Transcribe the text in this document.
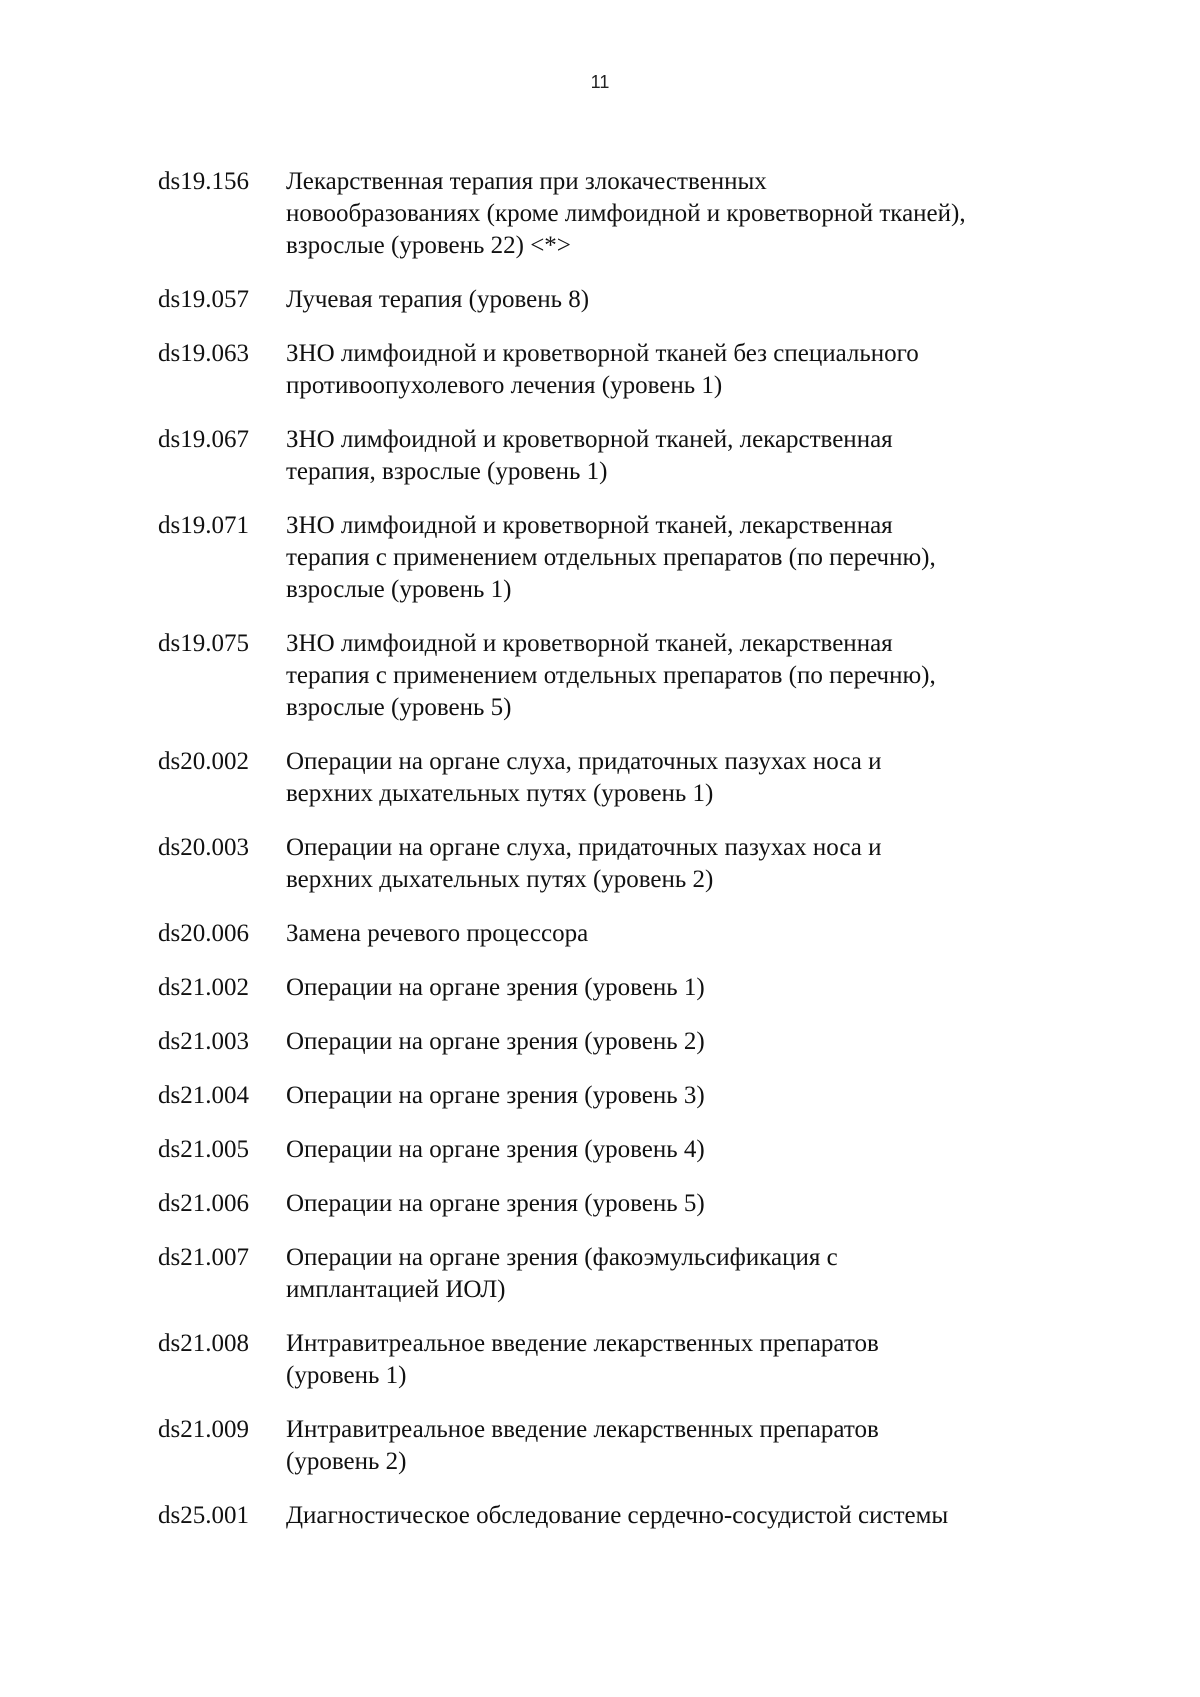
11
ds19.156	Лекарственная терапия при злокачественных
новообразованиях (кроме лимфоидной и кроветворной тканей),
взрослые (уровень 22) <*>
ds19.057	Лучевая терапия (уровень 8)
ds19.063	ЗНО лимфоидной и кроветворной тканей без специального
противоопухолевого лечения (уровень 1)
ds19.067	ЗНО лимфоидной и кроветворной тканей, лекарственная
терапия, взрослые (уровень 1)
ds19.071	ЗНО лимфоидной и кроветворной тканей, лекарственная
терапия с применением отдельных препаратов (по перечню),
взрослые (уровень 1)
ds19.075	ЗНО лимфоидной и кроветворной тканей, лекарственная
терапия с применением отдельных препаратов (по перечню),
взрослые (уровень 5)
ds20.002	Операции на органе слуха, придаточных пазухах носа и
верхних дыхательных путях (уровень 1)
ds20.003	Операции на органе слуха, придаточных пазухах носа и
верхних дыхательных путях (уровень 2)
ds20.006	Замена речевого процессора
ds21.002	Операции на органе зрения (уровень 1)
ds21.003	Операции на органе зрения (уровень 2)
ds21.004	Операции на органе зрения (уровень 3)
ds21.005	Операции на органе зрения (уровень 4)
ds21.006	Операции на органе зрения (уровень 5)
ds21.007	Операции на органе зрения (факоэмульсификация с
имплантацией ИОЛ)
ds21.008	Интравитреальное введение лекарственных препаратов
(уровень 1)
ds21.009	Интравитреальное введение лекарственных препаратов
(уровень 2)
ds25.001	Диагностическое обследование сердечно-сосудистой системы
